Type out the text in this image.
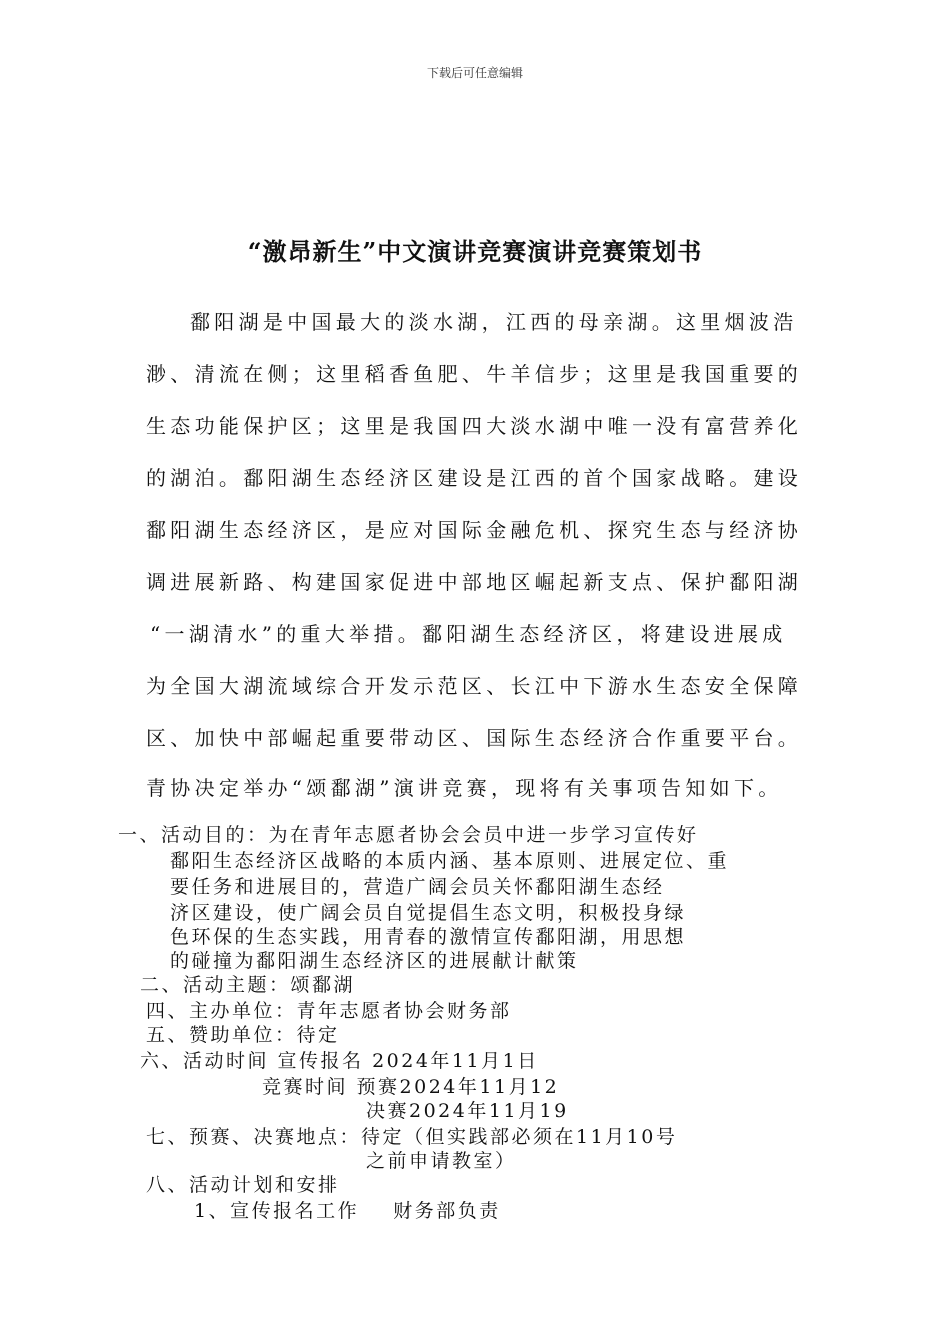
下载后可任意编辑
“激昂新生”中文演讲竞赛演讲竞赛策划书
鄱阳湖是中国最大的淡水湖，江西的母亲湖。这里烟波浩
渺、清流在侧；这里稻香鱼肥、牛羊信步；这里是我国重要的
生态功能保护区；这里是我国四大淡水湖中唯一没有富营养化
的湖泊。鄱阳湖生态经济区建设是江西的首个国家战略。建设
鄱阳湖生态经济区，是应对国际金融危机、探究生态与经济协
调进展新路、构建国家促进中部地区崛起新支点、保护鄱阳湖
“一湖清水”的重大举措。鄱阳湖生态经济区，将建设进展成
为全国大湖流域综合开发示范区、长江中下游水生态安全保障
区、加快中部崛起重要带动区、国际生态经济合作重要平台。
青协决定举办“颂鄱湖”演讲竞赛，现将有关事项告知如下。
一、活动目的：为在青年志愿者协会会员中进一步学习宣传好
鄱阳生态经济区战略的本质内涵、基本原则、进展定位、重
要任务和进展目的，营造广阔会员关怀鄱阳湖生态经
济区建设，使广阔会员自觉提倡生态文明，积极投身绿
色环保的生态实践，用青春的激情宣传鄱阳湖，用思想
的碰撞为鄱阳湖生态经济区的进展献计献策
二、活动主题：颂鄱湖
四、主办单位：青年志愿者协会财务部
五、赞助单位：待定
六、活动时间 宣传报名 2024年11月1日
竞赛时间 预赛2024年11月12
决赛2024年11月19
七、预赛、决赛地点：待定（但实践部必须在11月10号
之前申请教室）
八、活动计划和安排
1、宣传报名工作    财务部负责
